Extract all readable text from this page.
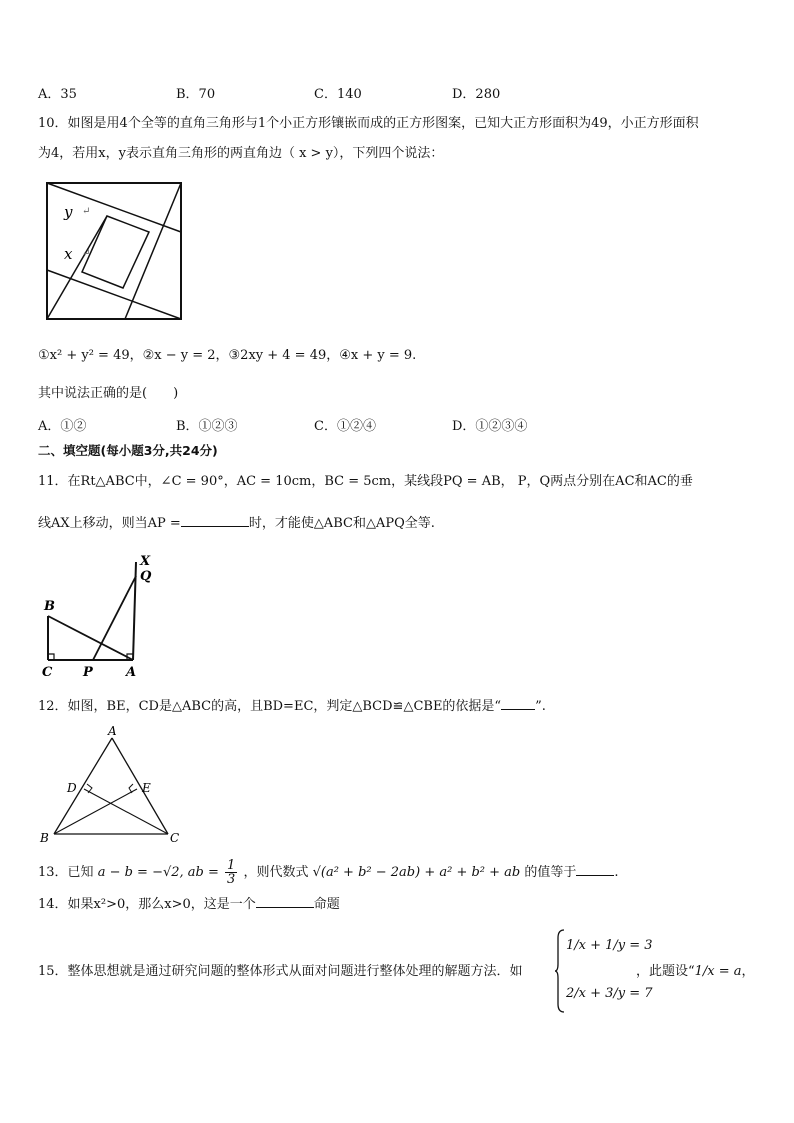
A．35	B．70	C．140	D．280
10．如图是用4个全等的直角三角形与1个小正方形镶嵌而成的正方形图案，已知大正方形面积为49，小正方形面积
为4，若用x，y表示直角三角形的两直角边（ x > y），下列四个说法：
y
x
↵
↵
①x² + y² = 49，②x − y = 2，③2xy + 4 = 49，④x + y = 9.
其中说法正确的是(　　)
A．①②	B．①②③	C．①②④	D．①②③④
二、填空题(每小题3分,共24分)
11．在Rt△ABC中，∠C = 90°，AC = 10cm，BC = 5cm，某线段PQ = AB， P，Q两点分别在AC和AC的垂
线AX上移动，则当AP =	时，才能使△ABC和△APQ全等.
X
Q
B
C P	A
12．如图，BE，CD是△ABC的高，且BD=EC，判定△BCD≌△CBE的依据是“	”.
A
D	E
B	C
13．已知 a − b = −√2, ab = $\frac{1}{3}$ ，则代数式 √(a² + b² − 2ab) + a² + b² + ab 的值等于	.
14．如果x²>0，那么x>0，这是一个	命题
15．整体思想就是通过研究问题的整体形式从面对问题进行整体处理的解题方法．如
1/x + 1/y = 3
2/x + 3/y = 7
，此题设“1/x = a，
